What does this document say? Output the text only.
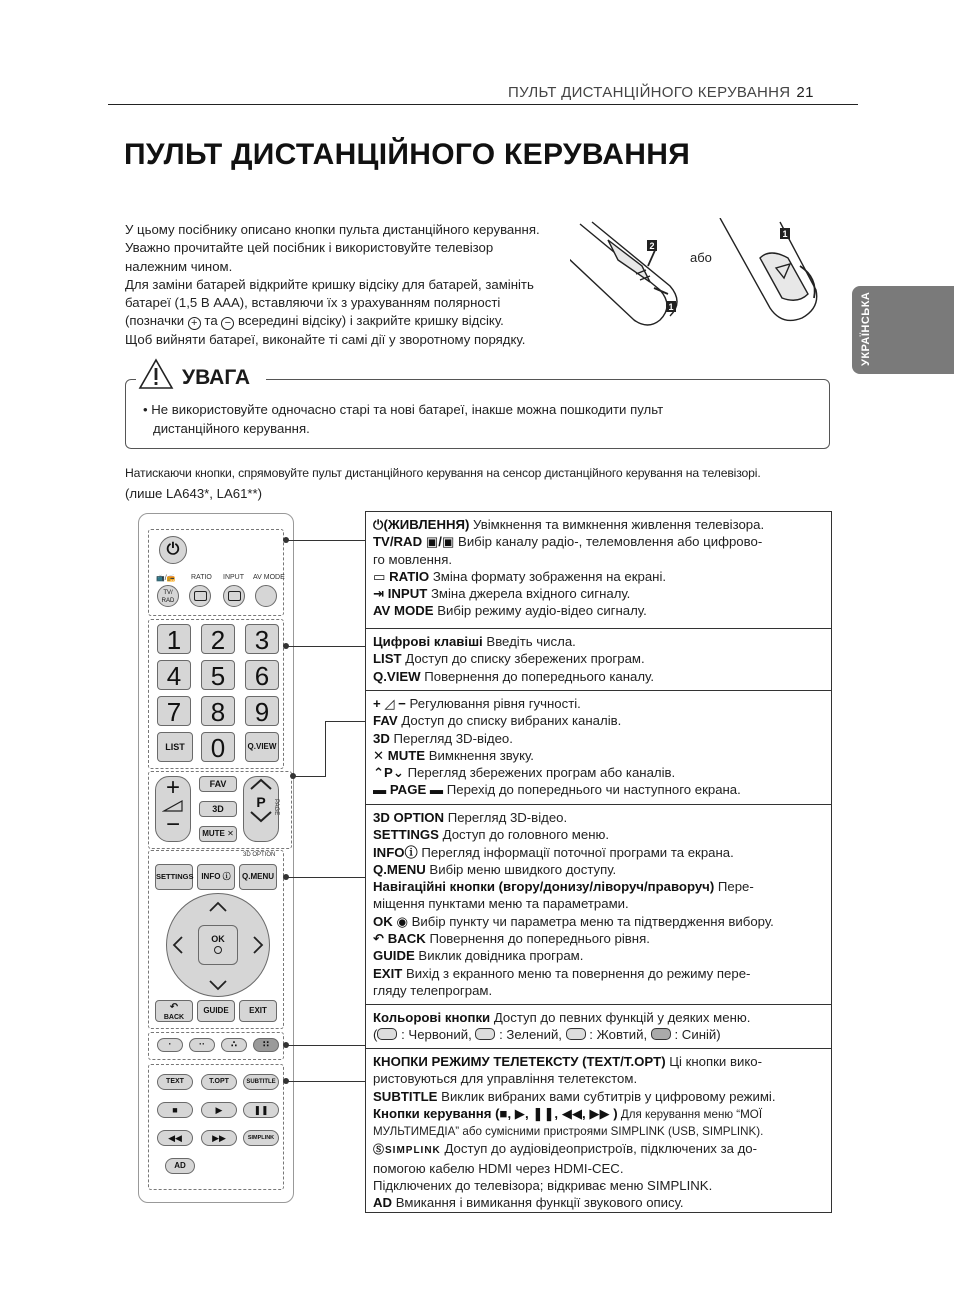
ПУЛЬТ ДИСТАНЦІЙНОГО КЕРУВАННЯ 21
ПУЛЬТ ДИСТАНЦІЙНОГО КЕРУВАННЯ
УКРАЇНСЬКА
У цьому посібнику описано кнопки пульта дистанційного керування.
Уважно прочитайте цей посібник і використовуйте телевізор
належним чином.
Для заміни батарей відкрийте кришку відсіку для батарей, замініть
батареї (1,5 В AAA), вставляючи їх з урахуванням полярності
(позначки + та − всередині відсіку) і закрийте кришку відсіку.
Щоб вийняти батареї, виконайте ті самі дії у зворотному порядку.
2
1
або
1
УВАГА
• Не використовуйте одночасно старі та нові батареї, інакше можна пошкодити пульт
дистанційного керування.
Натискаючи кнопки, спрямовуйте пульт дистанційного керування на сенсор дистанційного керування на телевізорі.
(лише LA643*, LA61**)
⏻
📺/📻 RATIO INPUT AV MODE
TV/ RAD
LIST	0	Q.VIEW
+
−
FAV
3D
MUTE ✕
P	PAGE
3D OPTION
SETTINGS INFO ⓘ	Q.MENU
OK

↶
BACK
GUIDE	EXIT
·	··	∴	∷
TEXT	T.OPT	SUBTITLE
■	▶	❚❚
◀◀	▶▶	SIMPLINK
AD
1	2	3
4	5	6
7	8	9
⏻(ЖИВЛЕННЯ) Увімкнення та вимкнення живлення телевізора.
TV/RAD ▣/▣ Вибір каналу радіо-, телемовлення або цифрово-
го мовлення.
▭ RATIO Зміна формату зображення на екрані.
⇥ INPUT Зміна джерела вхідного сигналу.
AV MODE Вибір режиму аудіо-відео сигналу.
Цифрові клавіші Введіть числа.
LIST Доступ до списку збережених програм.
Q.VIEW Повернення до попереднього каналу.
+ ◿ − Регулювання рівня гучності.
FAV Доступ до списку вибраних каналів.
3D Перегляд 3D-відео.
✕ MUTE Вимкнення звуку.
⌃P⌄ Перегляд збережених програм або каналів.
▬ PAGE ▬ Перехід до попереднього чи наступного екрана.
3D OPTION Перегляд 3D-відео.
SETTINGS Доступ до головного меню.
INFOⓘ Перегляд інформації поточної програми та екрана.
Q.MENU Вибір меню швидкого доступу.
Навігаційні кнопки (вгору/донизу/ліворуч/праворуч) Пере-
міщення пунктами меню та параметрами.
OK ◉ Вибір пункту чи параметра меню та підтвердження вибору.
↶ BACK Повернення до попереднього рівня.
GUIDE Виклик довідника програм.
EXIT Вихід з екранного меню та повернення до режиму пере-
гляду телепрограм.
Кольорові кнопки Доступ до певних функцій у деяких меню.
( : Червоний,  : Зелений,  : Жовтий,  : Синій)
КНОПКИ РЕЖИМУ ТЕЛЕТЕКСТУ (TEXT/T.OPT) Ці кнопки вико-
ристовуються для управління телетекстом.
SUBTITLE Виклик вибраних вами субтитрів у цифровому режимі.
Кнопки керування (■, ▶, ❚❚, ◀◀, ▶▶ ) Для керування меню “МОЇ
МУЛЬТИМЕДІА” або сумісними пристроями SIMPLINK (USB, SIMPLINK).
ⓈSIMPLINK Доступ до аудіовідеопристроїв, підключених за до-
помогою кабелю HDMI через HDMI-CEC.
Підключених до телевізора; відкриває меню SIMPLINK.
AD Вмикання і вимикання функції звукового опису.
